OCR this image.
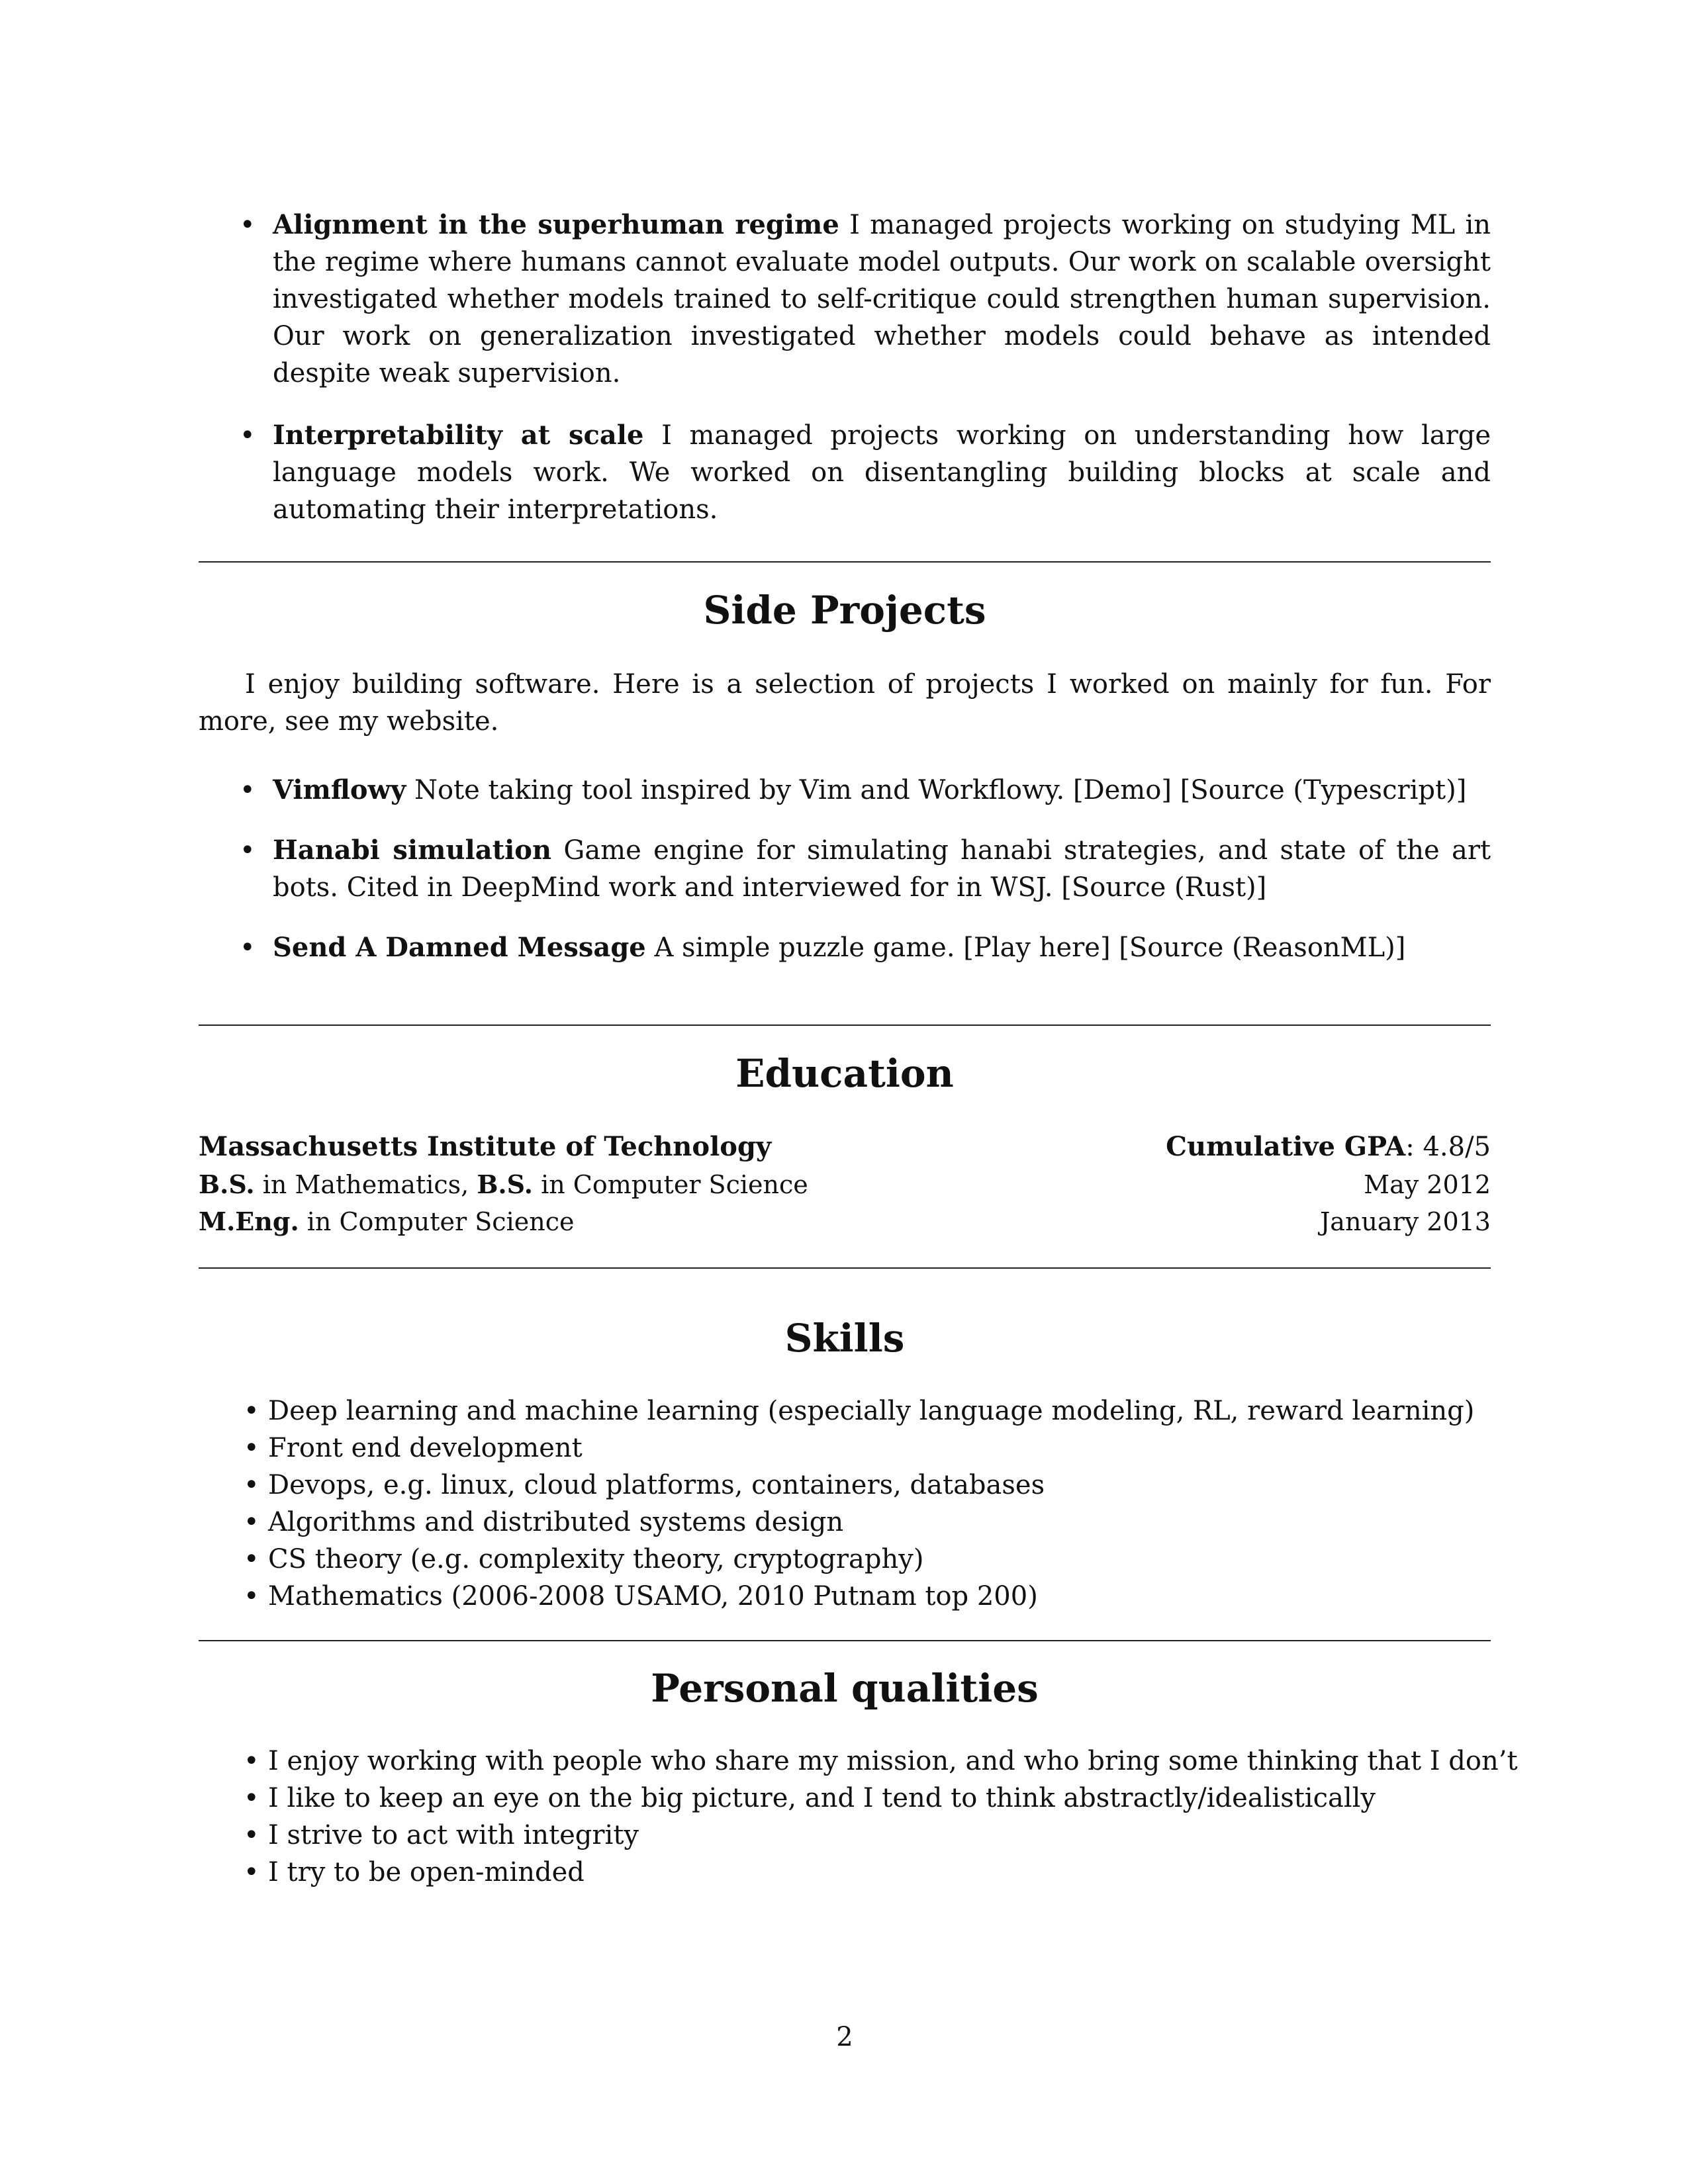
• Alignment in the superhuman regime I managed projects working on studying ML in the regime where humans cannot evaluate model outputs. Our work on scalable oversight investigated whether models trained to self-critique could strengthen human supervision. Our work on generalization investigated whether models could behave as intended despite weak supervision.
• Interpretability at scale I managed projects working on understanding how large language models work. We worked on disentangling building blocks at scale and automating their interpretations.
Side Projects

I enjoy building software. Here is a selection of projects I worked on mainly for fun. For more, see my website.

• Vimflowy Note taking tool inspired by Vim and Workflowy. [Demo] [Source (Typescript)]
• Hanabi simulation Game engine for simulating hanabi strategies, and state of the art bots. Cited in DeepMind work and interviewed for in WSJ. [Source (Rust)]
• Send A Damned Message A simple puzzle game. [Play here] [Source (ReasonML)]
Education
Massachusetts Institute of Technology	Cumulative GPA: 4.8/5
B.S. in Mathematics, B.S. in Computer Science	May 2012
M.Eng. in Computer Science	January 2013
Skills
• Deep learning and machine learning (especially language modeling, RL, reward learning)
• Front end development
• Devops, e.g. linux, cloud platforms, containers, databases
• Algorithms and distributed systems design
• CS theory (e.g. complexity theory, cryptography)
• Mathematics (2006-2008 USAMO, 2010 Putnam top 200)
Personal qualities
• I enjoy working with people who share my mission, and who bring some thinking that I don’t
• I like to keep an eye on the big picture, and I tend to think abstractly/idealistically
• I strive to act with integrity
• I try to be open-minded
2
